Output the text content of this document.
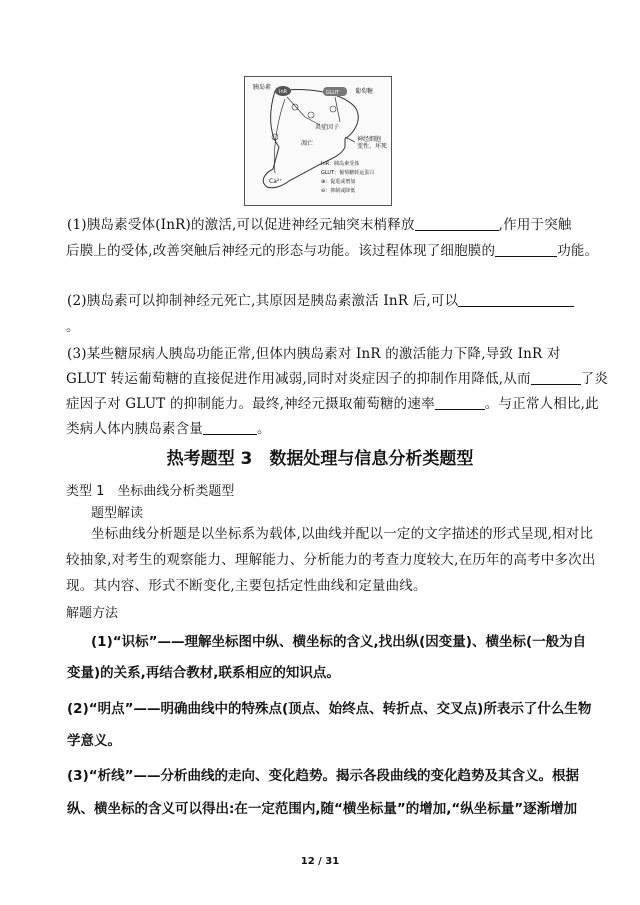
胰岛素
InR	GLUT	葡萄糖
炎症因子
神经细胞
变性、坏死
凋亡
Ca²⁺
InR：胰岛素受体
GLUT：葡萄糖转运蛋白
⊕：促进或增加
⊖：抑制或降低
(1)胰岛素受体(InR)的激活,可以促进神经元轴突末梢释放	,作用于突触
后膜上的受体,改善突触后神经元的形态与功能。该过程体现了细胞膜的	功能。
(2)胰岛素可以抑制神经元死亡,其原因是胰岛素激活 InR 后,可以
。
(3)某些糖尿病人胰岛功能正常,但体内胰岛素对 InR 的激活能力下降,导致 InR 对
GLUT 转运葡萄糖的直接促进作用减弱,同时对炎症因子的抑制作用降低,从而	了炎
症因子对 GLUT 的抑制能力。最终,神经元摄取葡萄糖的速率	。与正常人相比,此
类病人体内胰岛素含量	。
热考题型 3　数据处理与信息分析类题型
类型 1　坐标曲线分析类题型
题型解读
坐标曲线分析题是以坐标系为载体,以曲线并配以一定的文字描述的形式呈现,相对比
较抽象,对考生的观察能力、理解能力、分析能力的考查力度较大,在历年的高考中多次出
现。其内容、形式不断变化,主要包括定性曲线和定量曲线。
解题方法
(1)“识标”——理解坐标图中纵、横坐标的含义,找出纵(因变量)、横坐标(一般为自
变量)的关系,再结合教材,联系相应的知识点。
(2)“明点”——明确曲线中的特殊点(顶点、始终点、转折点、交叉点)所表示了什么生物
学意义。
(3)“析线”——分析曲线的走向、变化趋势。揭示各段曲线的变化趋势及其含义。根据
纵、横坐标的含义可以得出:在一定范围内,随“横坐标量”的增加,“纵坐标量”逐渐增加
12 / 31
